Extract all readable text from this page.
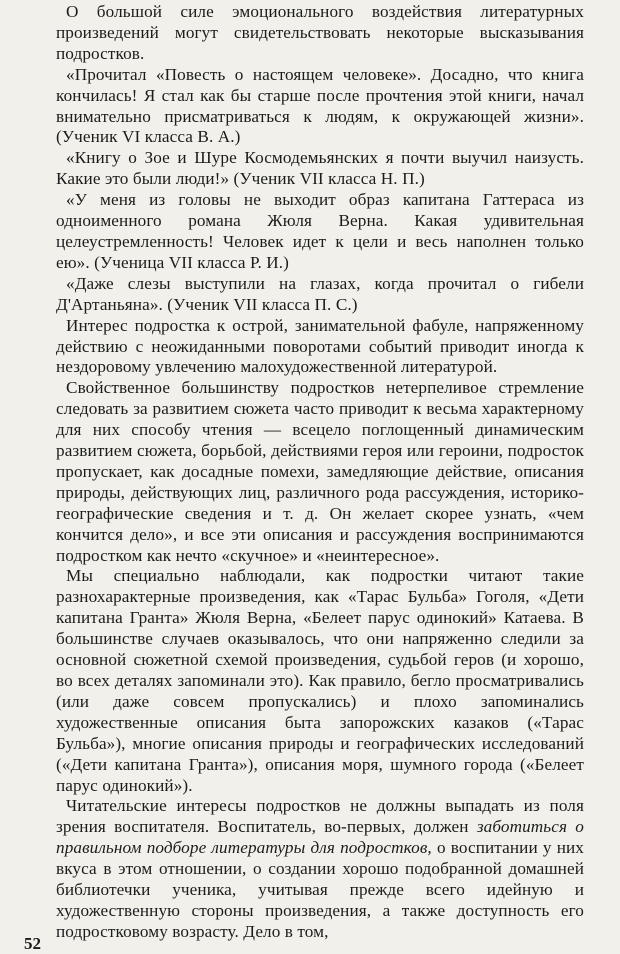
О большой силе эмоционального воздействия литературных произведений могут свидетельствовать некоторые высказывания подростков.

«Прочитал «Повесть о настоящем человеке». Досадно, что книга кончилась! Я стал как бы старше после прочтения этой книги, начал внимательно присматриваться к людям, к окружающей жизни». (Ученик VI класса В. А.)

«Книгу о Зое и Шуре Космодемьянских я почти выучил наизусть. Какие это были люди!» (Ученик VII класса Н. П.)

«У меня из головы не выходит образ капитана Гаттераса из одноименного романа Жюля Верна. Какая удивительная целеустремленность! Человек идет к цели и весь наполнен только ею». (Ученица VII класса Р. И.)

«Даже слезы выступили на глазах, когда прочитал о гибели Д'Артаньяна». (Ученик VII класса П. С.)

Интерес подростка к острой, занимательной фабуле, напряженному действию с неожиданными поворотами событий приводит иногда к нездоровому увлечению малохудожественной литературой.

Свойственное большинству подростков нетерпеливое стремление следовать за развитием сюжета часто приводит к весьма характерному для них способу чтения — всецело поглощенный динамическим развитием сюжета, борьбой, действиями героя или героини, подросток пропускает, как досадные помехи, замедляющие действие, описания природы, действующих лиц, различного рода рассуждения, историко-географические сведения и т. д. Он желает скорее узнать, «чем кончится дело», и все эти описания и рассуждения воспринимаются подростком как нечто «скучное» и «неинтересное».

Мы специально наблюдали, как подростки читают такие разнохарактерные произведения, как «Тарас Бульба» Гоголя, «Дети капитана Гранта» Жюля Верна, «Белеет парус одинокий» Катаева. В большинстве случаев оказывалось, что они напряженно следили за основной сюжетной схемой произведения, судьбой геров (и хорошо, во всех деталях запоминали это). Как правило, бегло просматривались (или даже совсем пропускались) и плохо запоминались художественные описания быта запорожских казаков («Тарас Бульба»), многие описания природы и географических исследований («Дети капитана Гранта»), описания моря, шумного города («Белеет парус одинокий»).

Читательские интересы подростков не должны выпадать из поля зрения воспитателя. Воспитатель, во-первых, должен заботиться о правильном подборе литературы для подростков, о воспитании у них вкуса в этом отношении, о создании хорошо подобранной домашней библиотечки ученика, учитывая прежде всего идейную и художественную стороны произведения, а также доступность его подростковому возрасту. Дело в том,

52
